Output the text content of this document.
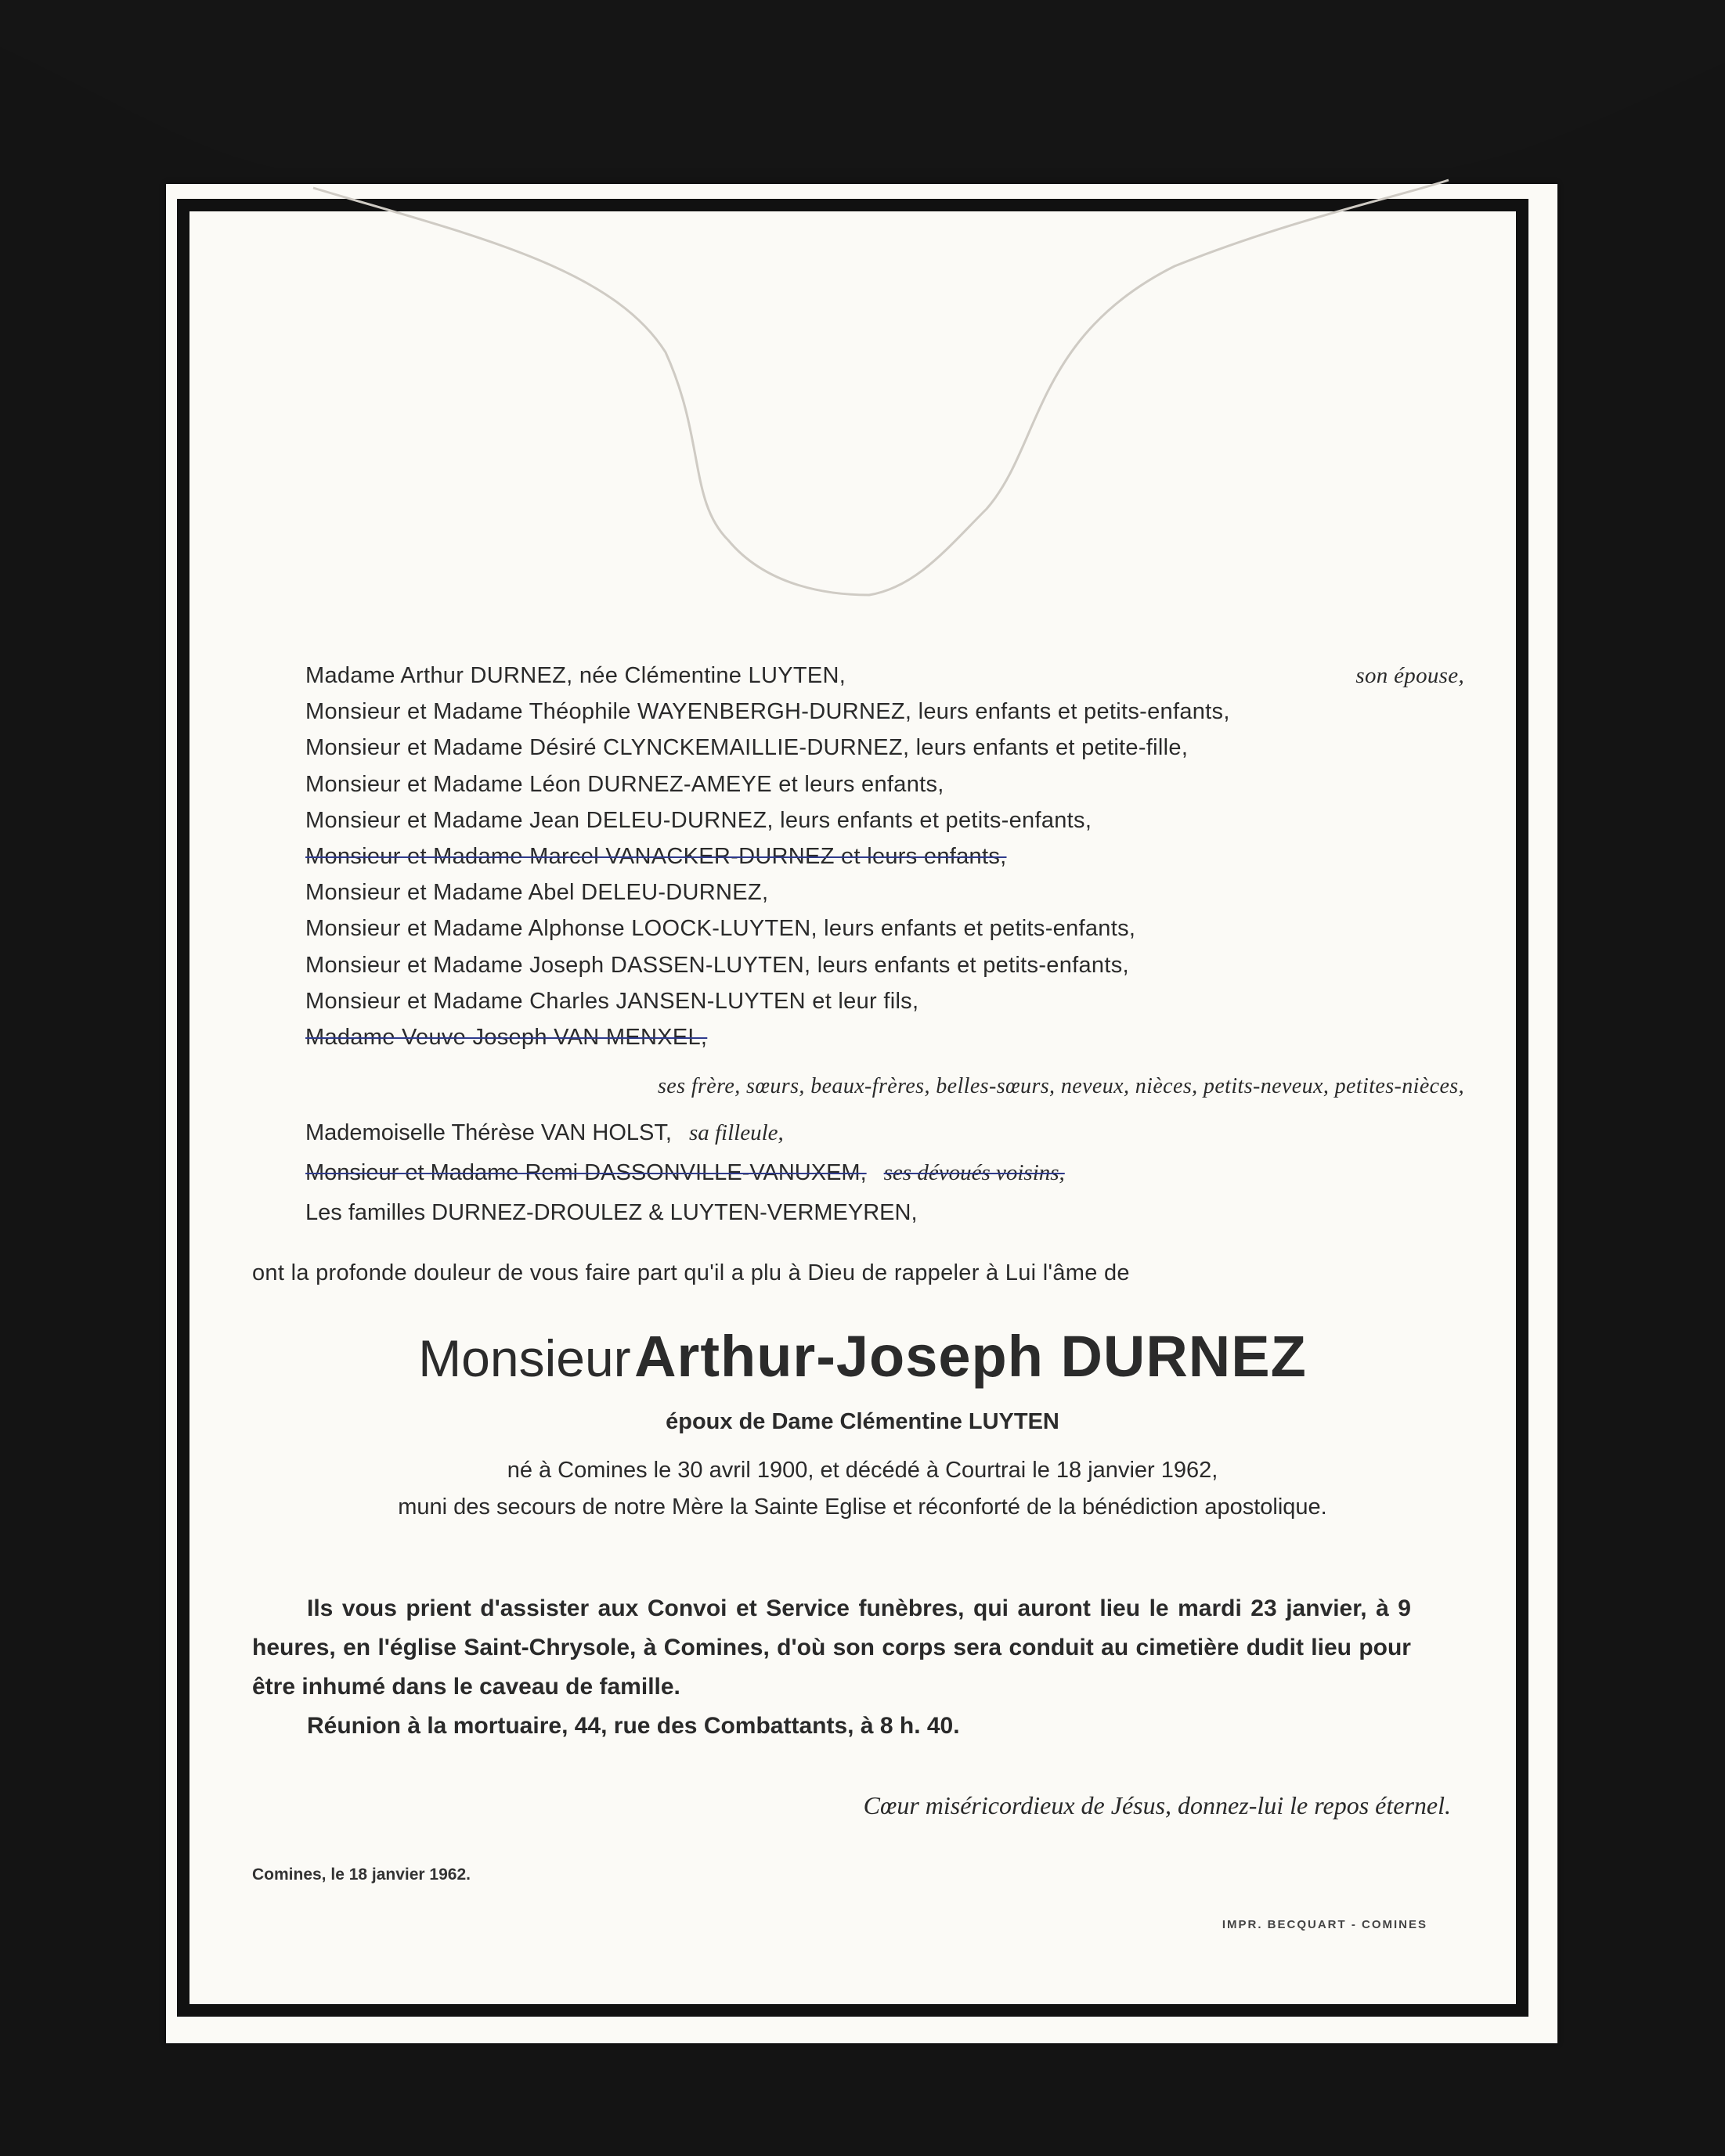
Madame Arthur DURNEZ, née Clémentine LUYTEN,	son épouse,
Monsieur et Madame Théophile WAYENBERGH-DURNEZ, leurs enfants et petits-enfants,
Monsieur et Madame Désiré CLYNCKEMAILLIE-DURNEZ, leurs enfants et petite-fille,
Monsieur et Madame Léon DURNEZ-AMEYE et leurs enfants,
Monsieur et Madame Jean DELEU-DURNEZ, leurs enfants et petits-enfants,
Monsieur et Madame Marcel VANACKER-DURNEZ et leurs enfants,
Monsieur et Madame Abel DELEU-DURNEZ,
Monsieur et Madame Alphonse LOOCK-LUYTEN, leurs enfants et petits-enfants,
Monsieur et Madame Joseph DASSEN-LUYTEN, leurs enfants et petits-enfants,
Monsieur et Madame Charles JANSEN-LUYTEN et leur fils,
Madame Veuve Joseph VAN MENXEL,
ses frère, sœurs, beaux-frères, belles-sœurs, neveux, nièces, petits-neveux, petites-nièces,
Mademoiselle Thérèse VAN HOLST, sa filleule,
Monsieur et Madame Remi DASSONVILLE-VANUXEM, ses dévoués voisins,
Les familles DURNEZ-DROULEZ & LUYTEN-VERMEYREN,
ont la profonde douleur de vous faire part qu'il a plu à Dieu de rappeler à Lui l'âme de
Monsieur Arthur-Joseph DURNEZ
époux de Dame Clémentine LUYTEN
né à Comines le 30 avril 1900, et décédé à Courtrai le 18 janvier 1962,
muni des secours de notre Mère la Sainte Eglise et réconforté de la bénédiction apostolique.
Ils vous prient d'assister aux Convoi et Service funèbres, qui auront lieu le mardi 23 janvier, à 9 heures, en l'église Saint-Chrysole, à Comines, d'où son corps sera conduit au cimetière dudit lieu pour être inhumé dans le caveau de famille.
Réunion à la mortuaire, 44, rue des Combattants, à 8 h. 40.
Cœur miséricordieux de Jésus, donnez-lui le repos éternel.
Comines, le 18 janvier 1962.
IMPR. BECQUART - COMINES
